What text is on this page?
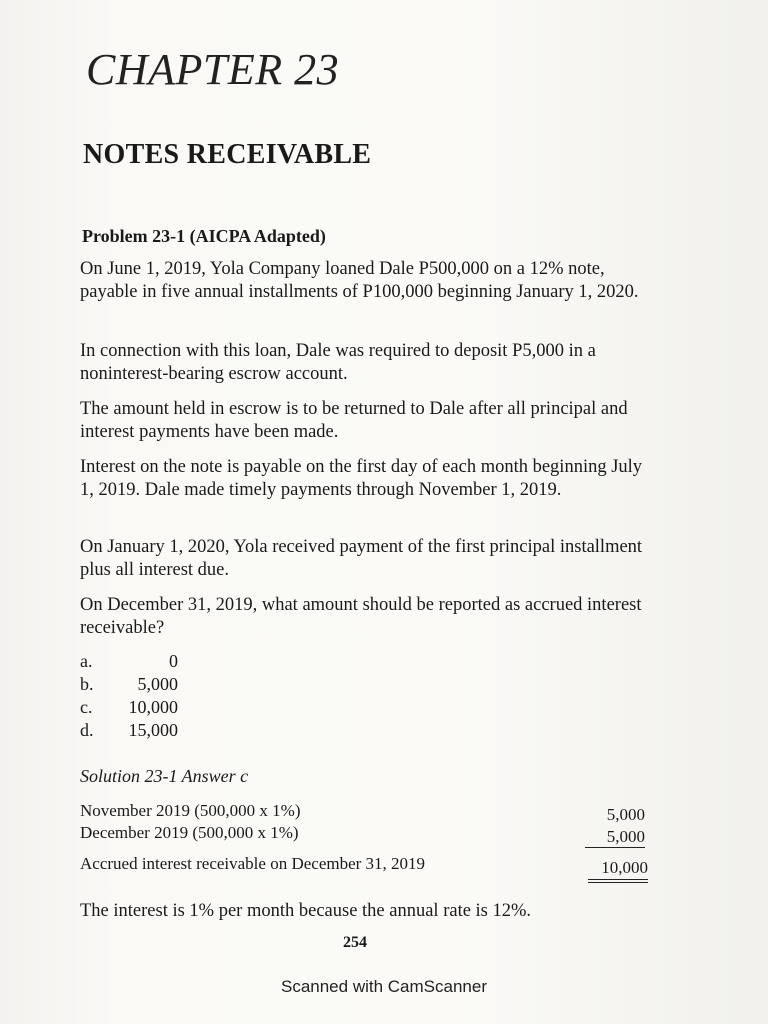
CHAPTER 23
NOTES RECEIVABLE
Problem 23-1 (AICPA Adapted)

On June 1, 2019, Yola Company loaned Dale P500,000 on a 12% note, payable in five annual installments of P100,000 beginning January 1, 2020.

In connection with this loan, Dale was required to deposit P5,000 in a noninterest-bearing escrow account.

The amount held in escrow is to be returned to Dale after all principal and interest payments have been made.

Interest on the note is payable on the first day of each month beginning July 1, 2019. Dale made timely payments through November 1, 2019.

On January 1, 2020, Yola received payment of the first principal installment plus all interest due.

On December 31, 2019, what amount should be reported as accrued interest receivable?

a.	0
b.	5,000
c.	10,000
d.	15,000
Solution 23-1 Answer c
November 2019 (500,000 x 1%)	5,000
December 2019 (500,000 x 1%)	5,000
Accrued interest receivable on December 31, 2019	10,000
The interest is 1% per month because the annual rate is 12%.
254
Scanned with CamScanner
